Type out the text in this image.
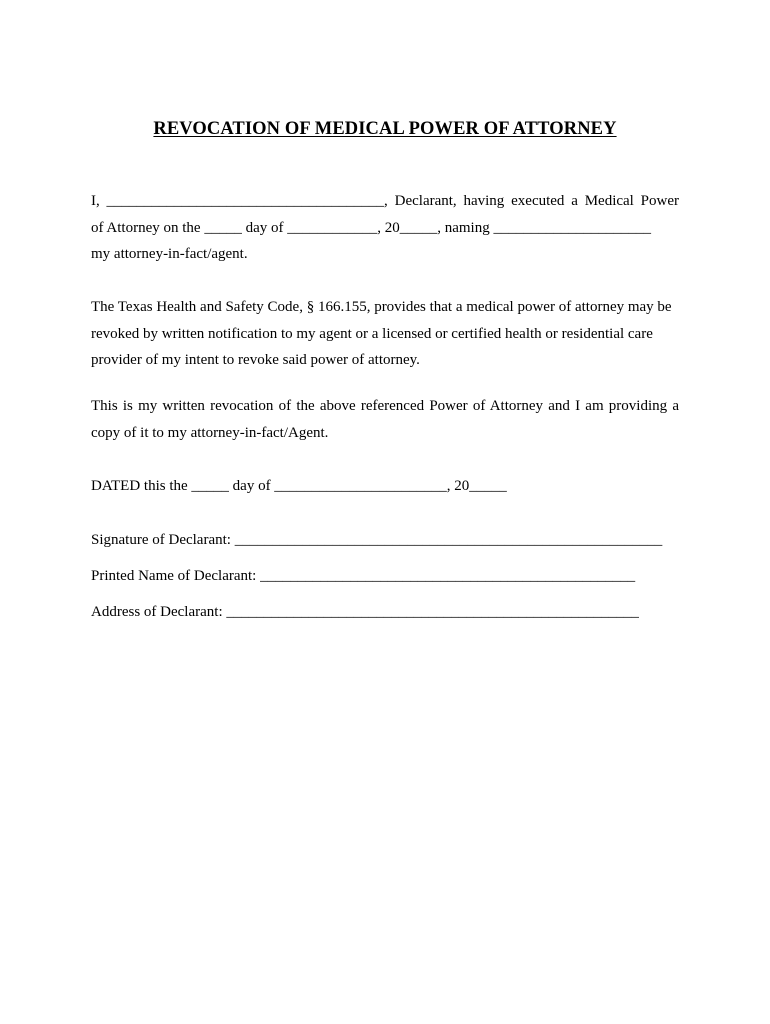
REVOCATION OF MEDICAL POWER OF ATTORNEY
I, _____________________________________, Declarant, having executed a Medical Power
of Attorney on the _____ day of ____________, 20_____, naming _____________________
my attorney-in-fact/agent.
The Texas Health and Safety Code, § 166.155, provides that a medical power of attorney may be
revoked by written notification to my agent or a licensed or certified health or residential care
provider of my intent to revoke said power of attorney.
This is my written revocation of the above referenced Power of Attorney and I am providing a
copy of it to my attorney-in-fact/Agent.
DATED this the _____ day of _______________________, 20_____
Signature of Declarant: _________________________________________________________
Printed Name of Declarant: __________________________________________________
Address of Declarant: _______________________________________________________
